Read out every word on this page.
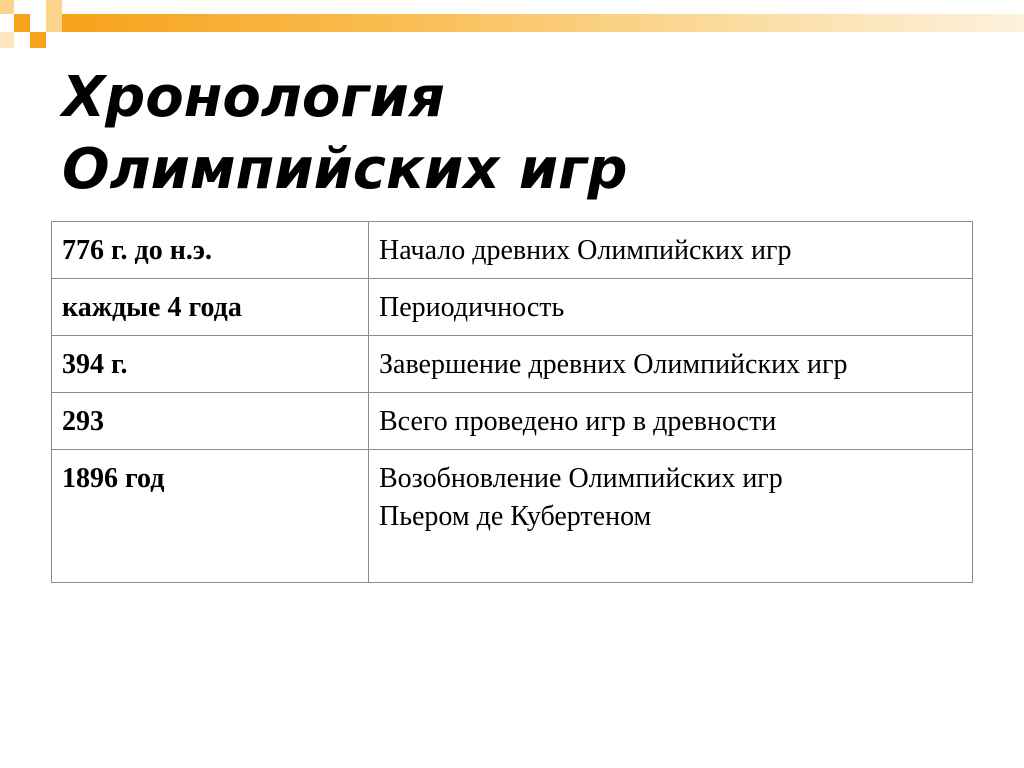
Хронология
Олимпийских игр
776 г. до н.э.	Начало древних Олимпийских игр

каждые 4 года	Периодичность

394 г.	Завершение древних Олимпийских игр

293	Всего проведено игр в древности

1896 год	Возобновление Олимпийских игр
Пьером де Кубертеном
